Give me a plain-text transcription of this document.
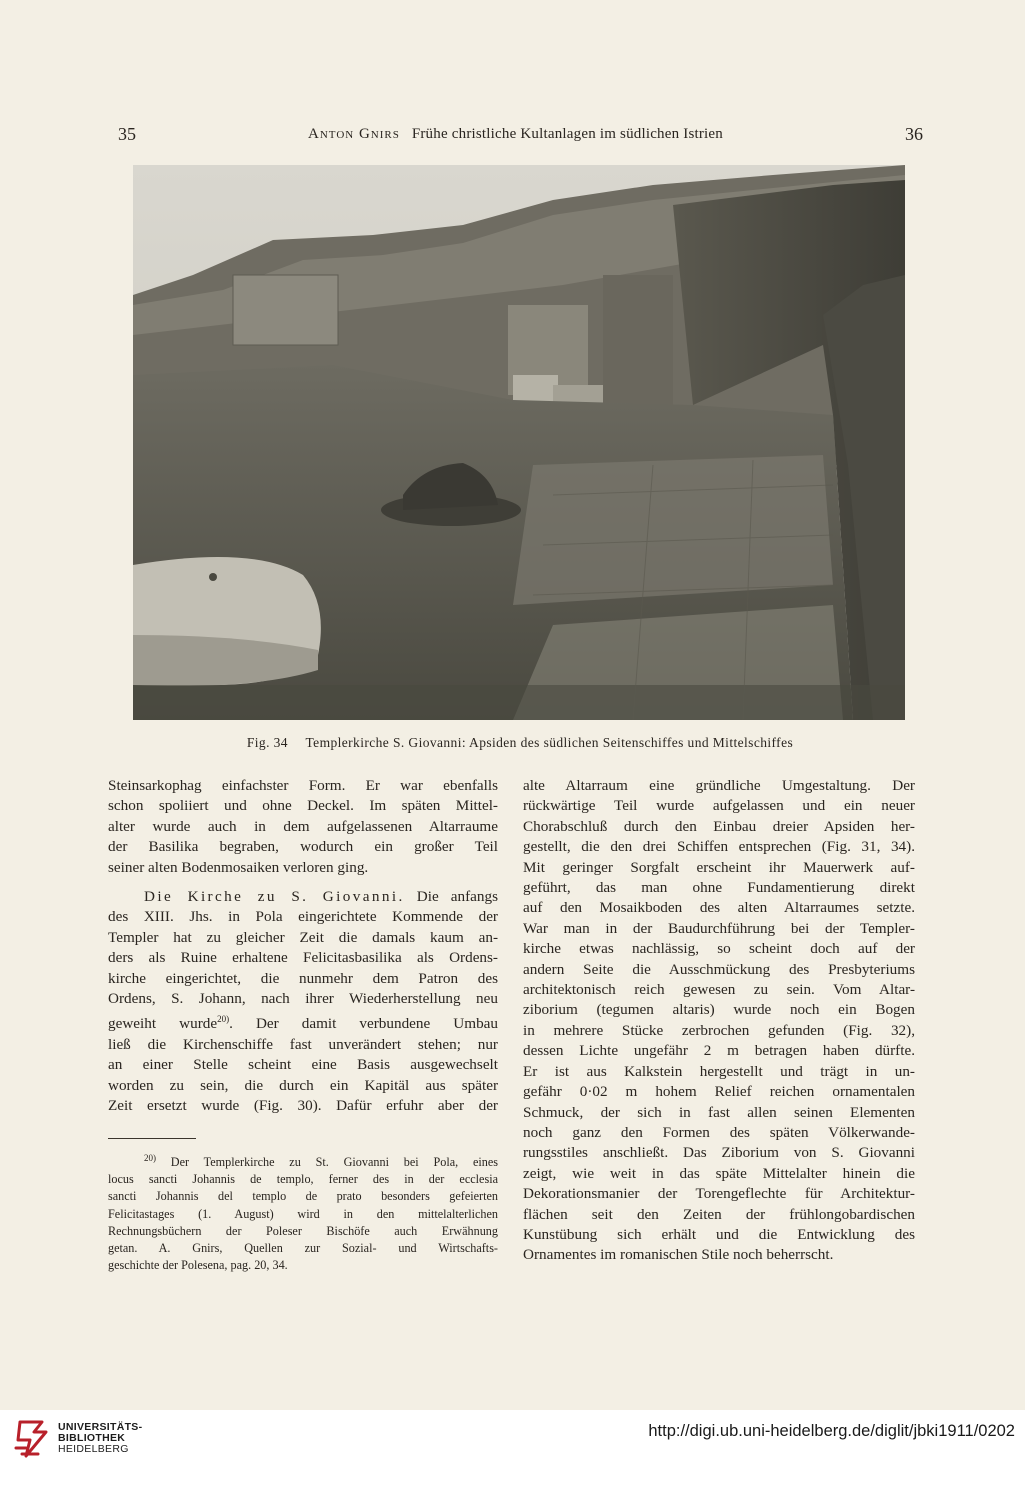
35	Anton Gnirs Frühe christliche Kultanlagen im südlichen Istrien	36
Fig. 34 Templerkirche S. Giovanni: Apsiden des südlichen Seitenschiffes und Mittelschiffes
Steinsarkophag einfachster Form. Er war ebenfalls
schon spoliiert und ohne Deckel. Im späten Mittel-
alter wurde auch in dem aufgelassenen Altarraume
der Basilika begraben, wodurch ein großer Teil
seiner alten Bodenmosaiken verloren ging.
Die Kirche zu S. Giovanni. Die anfangs
des XIII. Jhs. in Pola eingerichtete Kommende der
Templer hat zu gleicher Zeit die damals kaum an-
ders als Ruine erhaltene Felicitasbasilika als Ordens-
kirche eingerichtet, die nunmehr dem Patron des
Ordens, S. Johann, nach ihrer Wiederherstellung neu
geweiht wurde$^{20)}$. Der damit verbundene Umbau
ließ die Kirchenschiffe fast unverändert stehen; nur
an einer Stelle scheint eine Basis ausgewechselt
worden zu sein, die durch ein Kapitäl aus später
Zeit ersetzt wurde (Fig. 30). Dafür erfuhr aber der
$^{20)}$ Der Templerkirche zu St. Giovanni bei Pola, eines
locus sancti Johannis de templo, ferner des in der ecclesia
sancti Johannis del templo de prato besonders gefeierten
Felicitastages (1. August) wird in den mittelalterlichen
Rechnungsbüchern der Poleser Bischöfe auch Erwähnung
getan. A. Gnirs, Quellen zur Sozial- und Wirtschafts-
geschichte der Polesena, pag. 20, 34.
alte Altarraum eine gründliche Umgestaltung. Der
rückwärtige Teil wurde aufgelassen und ein neuer
Chorabschluß durch den Einbau dreier Apsiden her-
gestellt, die den drei Schiffen entsprechen (Fig. 31, 34).
Mit geringer Sorgfalt erscheint ihr Mauerwerk auf-
geführt, das man ohne Fundamentierung direkt
auf den Mosaikboden des alten Altarraumes setzte.
War man in der Baudurchführung bei der Templer-
kirche etwas nachlässig, so scheint doch auf der
andern Seite die Ausschmückung des Presbyteriums
architektonisch reich gewesen zu sein. Vom Altar-
ziborium (tegumen altaris) wurde noch ein Bogen
in mehrere Stücke zerbrochen gefunden (Fig. 32),
dessen Lichte ungefähr 2 m betragen haben dürfte.
Er ist aus Kalkstein hergestellt und trägt in un-
gefähr 0·02 m hohem Relief reichen ornamentalen
Schmuck, der sich in fast allen seinen Elementen
noch ganz den Formen des späten Völkerwande-
rungsstiles anschließt. Das Ziborium von S. Giovanni
zeigt, wie weit in das späte Mittelalter hinein die
Dekorationsmanier der Torengeflechte für Architektur-
flächen seit den Zeiten der frühlongobardischen
Kunstübung sich erhält und die Entwicklung des
Ornamentes im romanischen Stile noch beherrscht.
UNIVERSITÄTS-
BIBLIOTHEK
HEIDELBERG
http://digi.ub.uni-heidelberg.de/diglit/jbki1911/0202
